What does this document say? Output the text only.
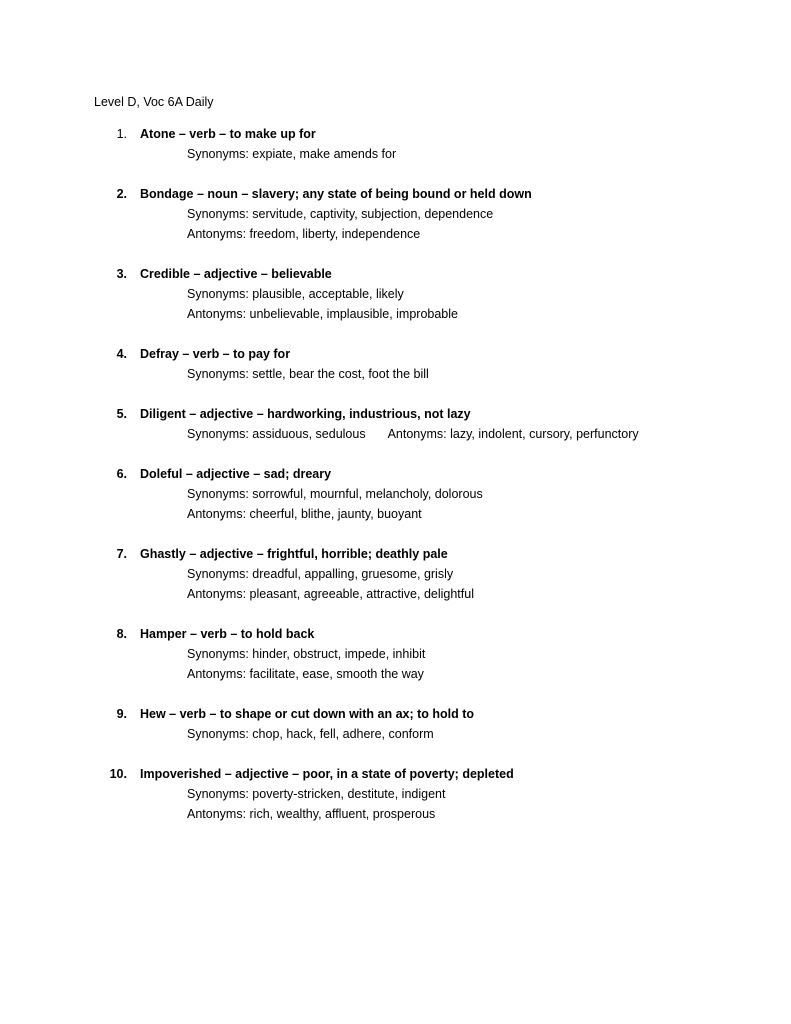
Level D, Voc 6A Daily
1. Atone – verb – to make up for
Synonyms: expiate, make amends for
2. Bondage – noun – slavery; any state of being bound or held down
Synonyms: servitude, captivity, subjection, dependence
Antonyms: freedom, liberty, independence
3. Credible – adjective – believable
Synonyms: plausible, acceptable, likely
Antonyms: unbelievable, implausible, improbable
4. Defray – verb – to pay for
Synonyms: settle, bear the cost, foot the bill
5. Diligent – adjective – hardworking, industrious, not lazy
Synonyms: assiduous, sedulous Antonyms: lazy, indolent, cursory, perfunctory
6. Doleful – adjective – sad; dreary
Synonyms: sorrowful, mournful, melancholy, dolorous
Antonyms: cheerful, blithe, jaunty, buoyant
7. Ghastly – adjective – frightful, horrible; deathly pale
Synonyms: dreadful, appalling, gruesome, grisly
Antonyms: pleasant, agreeable, attractive, delightful
8. Hamper – verb – to hold back
Synonyms: hinder, obstruct, impede, inhibit
Antonyms: facilitate, ease, smooth the way
9. Hew – verb – to shape or cut down with an ax; to hold to
Synonyms: chop, hack, fell, adhere, conform
10. Impoverished – adjective – poor, in a state of poverty; depleted
Synonyms: poverty-stricken, destitute, indigent
Antonyms: rich, wealthy, affluent, prosperous
